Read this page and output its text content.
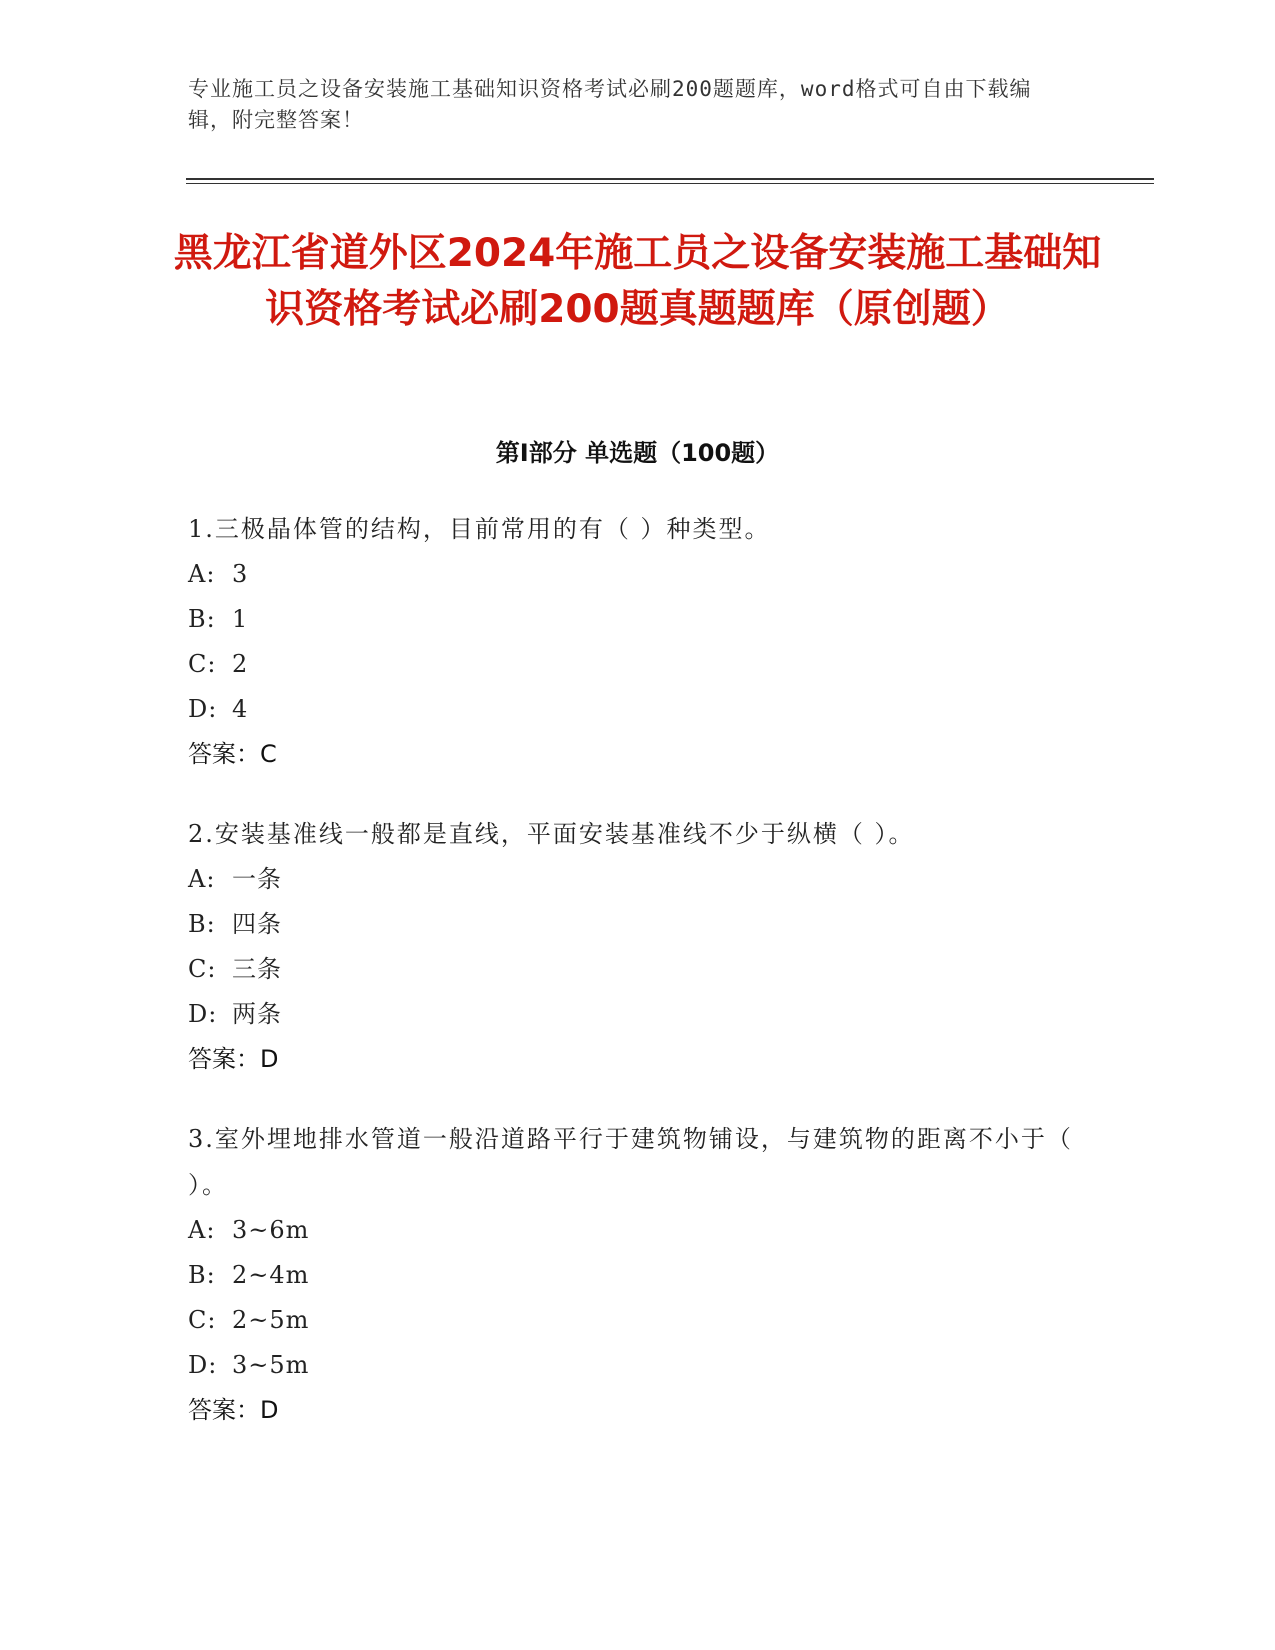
专业施工员之设备安装施工基础知识资格考试必刷200题题库，word格式可自由下载编辑，附完整答案！
黑龙江省道外区2024年施工员之设备安装施工基础知识资格考试必刷200题真题题库（原创题）
第Ⅰ部分 单选题（100题）
1.三极晶体管的结构，目前常用的有（ ）种类型。
A: 3
B: 1
C: 2
D: 4
答案：C
2.安装基准线一般都是直线，平面安装基准线不少于纵横（ ）。
A: 一条
B: 四条
C: 三条
D: 两条
答案：D
3.室外埋地排水管道一般沿道路平行于建筑物铺设，与建筑物的距离不小于（ ）。
A: 3~6m
B: 2~4m
C: 2~5m
D: 3~5m
答案：D
